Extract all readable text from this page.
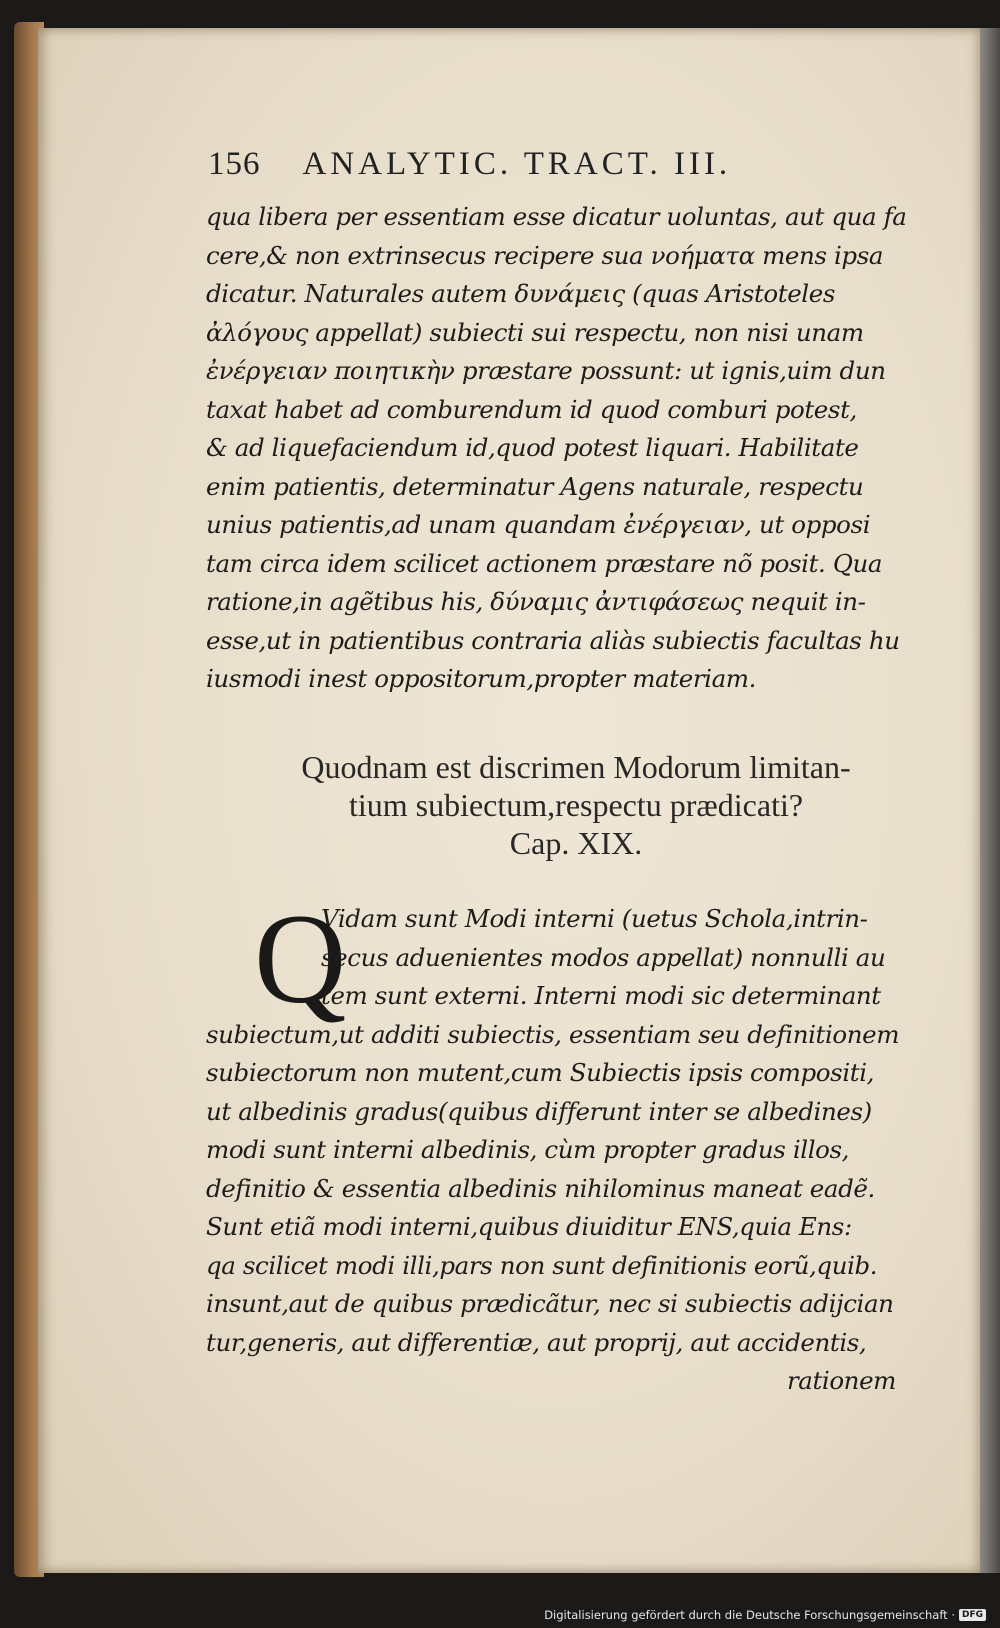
156 ANALYTIC. TRACT. III.
qua libera per essentiam esse dicatur uoluntas, aut qua fa
cere,& non extrinsecus recipere sua νοήματα mens ipsa
dicatur. Naturales autem δυνάμεις (quas Aristoteles
ἀλόγους appellat) subiecti sui respectu, non nisi unam
ἐνέργειαν ποιητικὴν præstare possunt: ut ignis,uim dun
taxat habet ad comburendum id quod comburi potest,
& ad liquefaciendum id,quod potest liquari. Habilitate
enim patientis, determinatur Agens naturale, respectu
unius patientis,ad unam quandam ἐνέργειαν, ut opposi
tam circa idem scilicet actionem præstare nõ posit. Qua
ratione,in agẽtibus his, δύναμις ἀντιφάσεως nequit in-
esse,ut in patientibus contraria aliàs subiectis facultas hu
iusmodi inest oppositorum,propter materiam.
Quodnam est discrimen Modorum limitan-
tium subiectum,respectu prædicati?
Cap. XIX.
Q
Vidam sunt Modi interni (uetus Schola,intrin-
secus aduenientes modos appellat) nonnulli au
tem sunt externi. Interni modi sic determinant
subiectum,ut additi subiectis, essentiam seu definitionem
subiectorum non mutent,cum Subiectis ipsis compositi,
ut albedinis gradus(quibus differunt inter se albedines)
modi sunt interni albedinis, cùm propter gradus illos,
definitio & essentia albedinis nihilominus maneat eadẽ.
Sunt etiã modi interni,quibus diuiditur ENS,quia Ens:
qa scilicet modi illi,pars non sunt definitionis eorũ,quib.
insunt,aut de quibus prædicãtur, nec si subiectis adijcian
tur,generis, aut differentiæ, aut proprij, aut accidentis,
rationem
Digitalisierung gefördert durch die Deutsche Forschungsgemeinschaft · DFG
